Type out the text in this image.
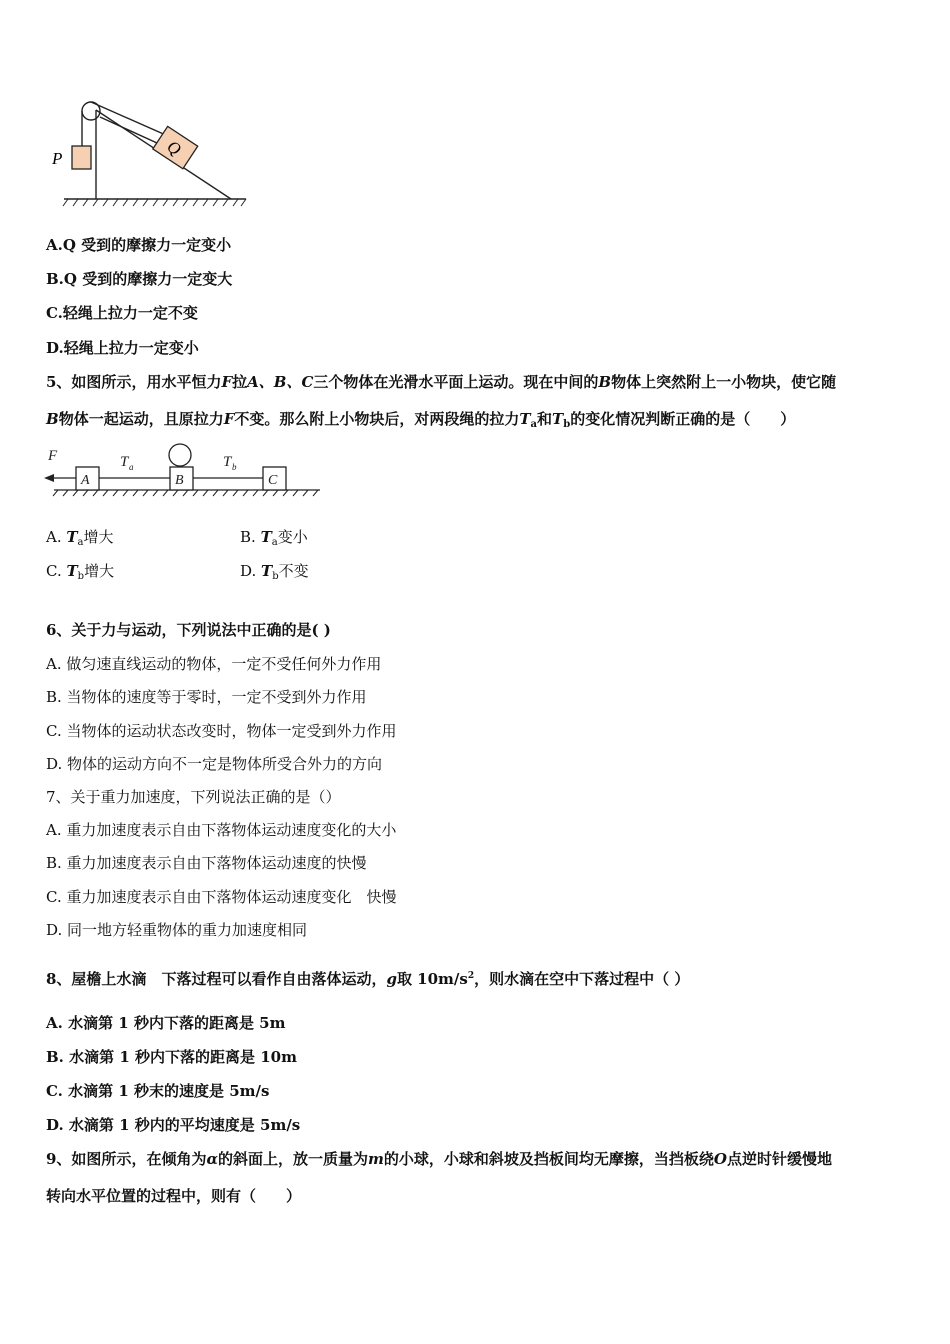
P	Q
A.Q 受到的摩擦力一定变小
B.Q 受到的摩擦力一定变大
C.轻绳上拉力一定不变
D.轻绳上拉力一定变小
5、如图所示，用水平恒力F拉A、B、C三个物体在光滑水平面上运动。现在中间的B物体上突然附上一小物块，使它随
B物体一起运动，且原拉力F不变。那么附上小物块后，对两段绳的拉力$T_a$和$T_b$的变化情况判断正确的是（　　）
F	T a	T b
A	B	C
A. $T_a$增大	B. $T_a$变小
C. $T_b$增大	D. $T_b$不变
6、关于力与运动，下列说法中正确的是( )
A. 做匀速直线运动的物体，一定不受任何外力作用
B. 当物体的速度等于零时，一定不受到外力作用
C. 当物体的运动状态改变时，物体一定受到外力作用
D. 物体的运动方向不一定是物体所受合外力的方向
7、关于重力加速度，下列说法正确的是（）
A. 重力加速度表示自由下落物体运动速度变化的大小
B. 重力加速度表示自由下落物体运动速度的快慢
C. 重力加速度表示自由下落物体运动速度变化　快慢
D. 同一地方轻重物体的重力加速度相同
8、屋檐上水滴　下落过程可以看作自由落体运动，g取 $10m/s^2$，则水滴在空中下落过程中（ ）
A. 水滴第 1 秒内下落的距离是 5m
B. 水滴第 1 秒内下落的距离是 10m
C. 水滴第 1 秒末的速度是 5m/s
D. 水滴第 1 秒内的平均速度是 5m/s
9、如图所示，在倾角为α的斜面上，放一质量为m的小球，小球和斜坡及挡板间均无摩擦，当挡板绕O点逆时针缓慢地
转向水平位置的过程中，则有（　　）
